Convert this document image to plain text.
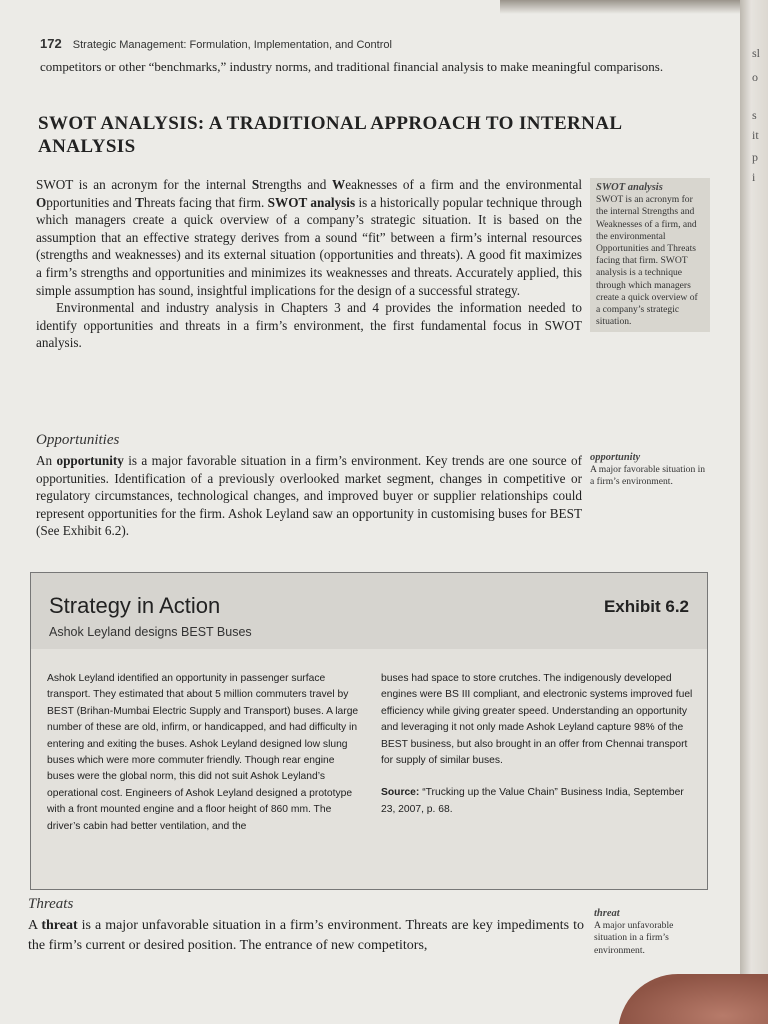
172 Strategic Management: Formulation, Implementation, and Control
competitors or other “benchmarks,” industry norms, and traditional financial analysis to make meaningful comparisons.
SWOT ANALYSIS: A TRADITIONAL APPROACH TO INTERNAL ANALYSIS

SWOT is an acronym for the internal Strengths and Weaknesses of a firm and the environmental Opportunities and Threats facing that firm. SWOT analysis is a historically popular technique through which managers create a quick overview of a company’s strategic situation. It is based on the assumption that an effective strategy derives from a sound “fit” between a firm’s internal resources (strengths and weaknesses) and its external situation (opportunities and threats). A good fit maximizes a firm’s strengths and opportunities and minimizes its weaknesses and threats. Accurately applied, this simple assumption has sound, insightful implications for the design of a successful strategy.

Environmental and industry analysis in Chapters 3 and 4 provides the information needed to identify opportunities and threats in a firm’s environment, the first fundamental focus in SWOT analysis.

SWOT analysis
SWOT is an acronym for the internal Strengths and Weaknesses of a firm, and the environmental Opportunities and Threats facing that firm. SWOT analysis is a technique through which managers create a quick overview of a company’s strategic situation.
Opportunities

An opportunity is a major favorable situation in a firm’s environment. Key trends are one source of opportunities. Identification of a previously overlooked market segment, changes in competitive or regulatory circumstances, technological changes, and improved buyer or supplier relationships could represent opportunities for the firm. Ashok Leyland saw an opportunity in customising buses for BEST (See Exhibit 6.2).

opportunity
A major favorable situation in a firm’s environment.
Strategy in Action
Ashok Leyland designs BEST Buses
Exhibit 6.2
Ashok Leyland identified an opportunity in passenger surface transport. They estimated that about 5 million commuters travel by BEST (Brihan-Mumbai Electric Supply and Transport) buses. A large number of these are old, infirm, or handicapped, and had difficulty in entering and exiting the buses. Ashok Leyland designed low slung buses which were more commuter friendly. Though rear engine buses were the global norm, this did not suit Ashok Leyland’s operational cost. Engineers of Ashok Leyland designed a prototype with a front mounted engine and a floor height of 860 mm. The driver’s cabin had better ventilation, and the
buses had space to store crutches. The indigenously developed engines were BS III compliant, and electronic systems improved fuel efficiency while giving greater speed. Understanding an opportunity and leveraging it not only made Ashok Leyland capture 98% of the BEST business, but also brought in an offer from Chennai transport for supply of similar buses.
Source: “Trucking up the Value Chain” Business India, September 23, 2007, p. 68.
Threats
A threat is a major unfavorable situation in a firm’s environment. Threats are key impediments to the firm’s current or desired position. The entrance of new competitors,
threat
A major unfavorable situation in a firm’s environment.
sl
o
s
it
p
i
